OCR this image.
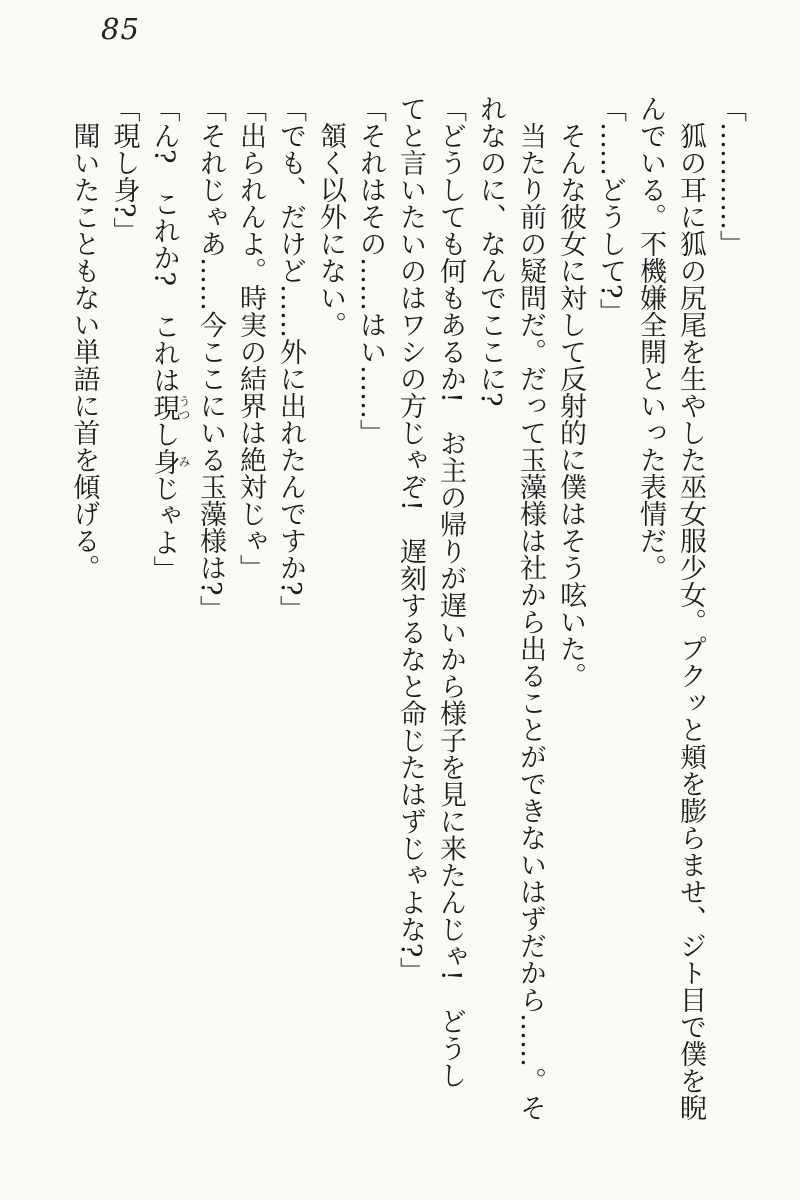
85
「…………」
狐の耳に狐の尻尾を生やした巫女服少女。プクッと頬を膨らませ、ジト目で僕を睨
んでいる。不機嫌全開といった表情だ。
「……どうして?」
そんな彼女に対して反射的に僕はそう呟いた。
当たり前の疑問だ。だって玉藻様は社から出ることができないはずだから……。そ
れなのに、なんでここに?
「どうしても何もあるか!　お主の帰りが遅いから様子を見に来たんじゃ!　どうし
てと言いたいのはワシの方じゃぞ!　遅刻するなと命じたはずじゃよな?」
「それはその……はい……」
頷く以外にない。
「でも、だけど……外に出れたんですか?」
「出られんよ。時実の結界は絶対じゃ」
「それじゃあ……今ここにいる玉藻様は?」
「ん?　これか?　これは現うつし身みじゃよ」
「現し身?」
聞いたこともない単語に首を傾げる。
